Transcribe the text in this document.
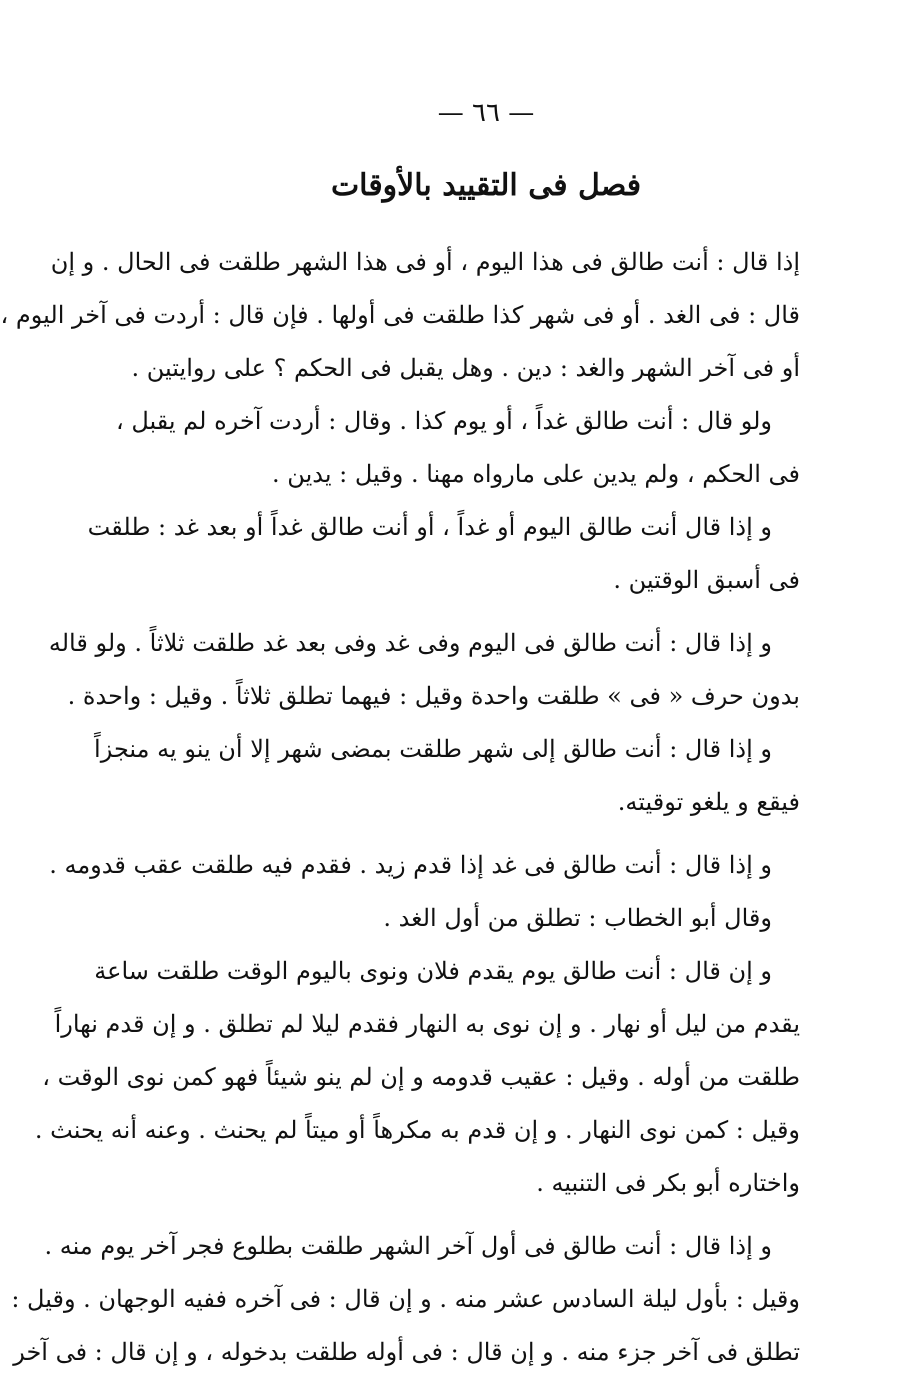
— ٦٦ —
فصل فى التقييد بالأوقات
إذا قال : أنت طالق فى هذا اليوم ، أو فى هذا الشهر طلقت فى الحال . و إن
قال : فى الغد . أو فى شهر كذا طلقت فى أولها . فإن قال : أردت فى آخر اليوم ،
أو فى آخر الشهر والغد : دين . وهل يقبل فى الحكم ؟ على روايتين .
ولو قال : أنت طالق غداً ، أو يوم كذا . وقال : أردت آخره لم يقبل ،
فى الحكم ، ولم يدين على مارواه مهنا . وقيل : يدين .
و إذا قال أنت طالق اليوم أو غداً ، أو أنت طالق غداً أو بعد غد : طلقت
فى أسبق الوقتين .
و إذا قال : أنت طالق فى اليوم وفى غد وفى بعد غد طلقت ثلاثاً . ولو قاله
بدون حرف « فى » طلقت واحدة وقيل : فيهما تطلق ثلاثاً . وقيل : واحدة .
و إذا قال : أنت طالق إلى شهر طلقت بمضى شهر إلا أن ينو يه منجزاً
فيقع و يلغو توقيته.
و إذا قال : أنت طالق فى غد إذا قدم زيد . فقدم فيه طلقت عقب قدومه .
وقال أبو الخطاب : تطلق من أول الغد .
و إن قال : أنت طالق يوم يقدم فلان ونوى باليوم الوقت طلقت ساعة
يقدم من ليل أو نهار . و إن نوى به النهار فقدم ليلا لم تطلق . و إن قدم نهاراً
طلقت من أوله . وقيل : عقيب قدومه و إن لم ينو شيئاً فهو كمن نوى الوقت ،
وقيل : كمن نوى النهار . و إن قدم به مكرهاً أو ميتاً لم يحنث . وعنه أنه يحنث .
واختاره أبو بكر فى التنبيه .
و إذا قال : أنت طالق فى أول آخر الشهر طلقت بطلوع فجر آخر يوم منه .
وقيل : بأول ليلة السادس عشر منه . و إن قال : فى آخره ففيه الوجهان . وقيل :
تطلق فى آخر جزء منه . و إن قال : فى أوله طلقت بدخوله ، و إن قال : فى آخر
